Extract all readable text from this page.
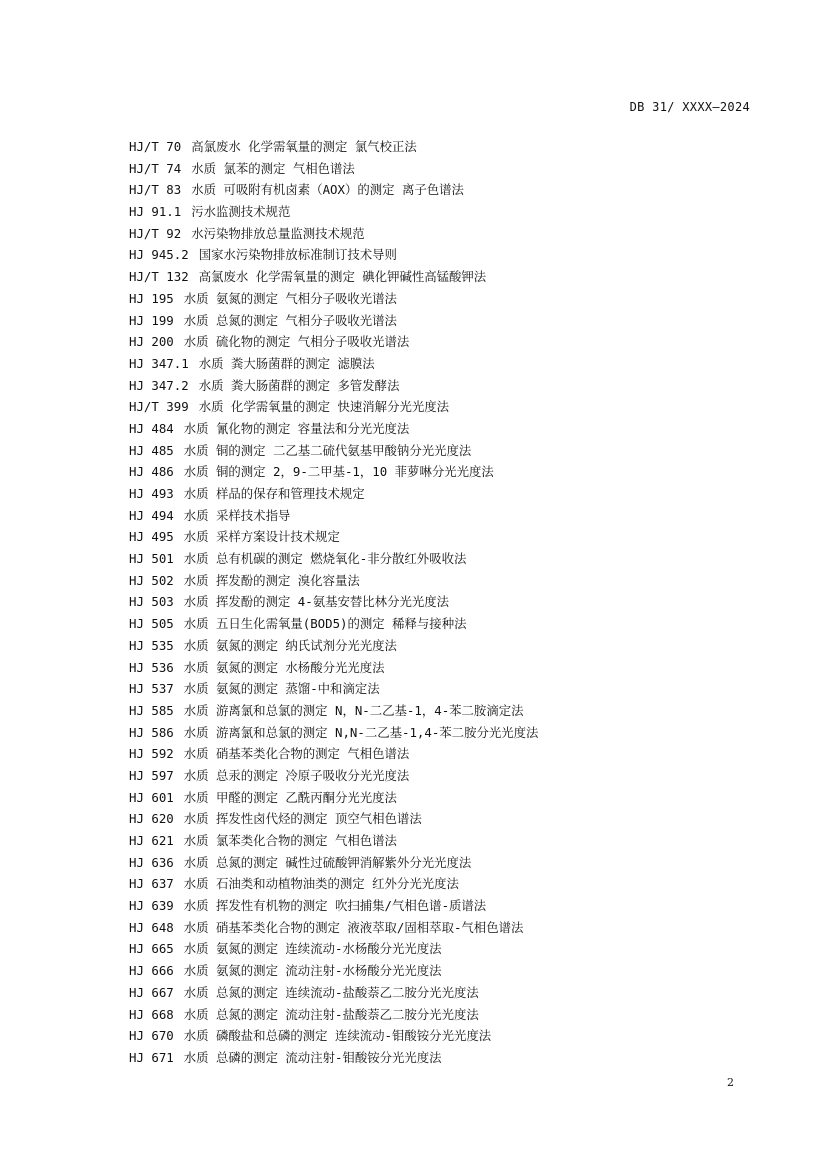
DB 31/ XXXX—2024
HJ/T 70 高氯废水 化学需氧量的测定 氯气校正法
HJ/T 74 水质 氯苯的测定 气相色谱法
HJ/T 83 水质 可吸附有机卤素（AOX）的测定 离子色谱法
HJ 91.1 污水监测技术规范
HJ/T 92 水污染物排放总量监测技术规范
HJ 945.2 国家水污染物排放标准制订技术导则
HJ/T 132 高氯废水 化学需氧量的测定 碘化钾碱性高锰酸钾法
HJ 195 水质 氨氮的测定 气相分子吸收光谱法
HJ 199 水质 总氮的测定 气相分子吸收光谱法
HJ 200 水质 硫化物的测定 气相分子吸收光谱法
HJ 347.1 水质 粪大肠菌群的测定 滤膜法
HJ 347.2 水质 粪大肠菌群的测定 多管发酵法
HJ/T 399 水质 化学需氧量的测定 快速消解分光光度法
HJ 484 水质 氰化物的测定 容量法和分光光度法
HJ 485 水质 铜的测定 二乙基二硫代氨基甲酸钠分光光度法
HJ 486 水质 铜的测定 2，9-二甲基-1，10 菲萝啉分光光度法
HJ 493 水质 样品的保存和管理技术规定
HJ 494 水质 采样技术指导
HJ 495 水质 采样方案设计技术规定
HJ 501 水质 总有机碳的测定 燃烧氧化-非分散红外吸收法
HJ 502 水质 挥发酚的测定 溴化容量法
HJ 503 水质 挥发酚的测定 4-氨基安替比林分光光度法
HJ 505 水质 五日生化需氧量(BOD5)的测定 稀释与接种法
HJ 535 水质 氨氮的测定 纳氏试剂分光光度法
HJ 536 水质 氨氮的测定 水杨酸分光光度法
HJ 537 水质 氨氮的测定 蒸馏-中和滴定法
HJ 585 水质 游离氯和总氯的测定 N，N-二乙基-1，4-苯二胺滴定法
HJ 586 水质 游离氯和总氯的测定 N,N-二乙基-1,4-苯二胺分光光度法
HJ 592 水质 硝基苯类化合物的测定 气相色谱法
HJ 597 水质 总汞的测定 冷原子吸收分光光度法
HJ 601 水质 甲醛的测定 乙酰丙酮分光光度法
HJ 620 水质 挥发性卤代烃的测定 顶空气相色谱法
HJ 621 水质 氯苯类化合物的测定 气相色谱法
HJ 636 水质 总氮的测定 碱性过硫酸钾消解紫外分光光度法
HJ 637 水质 石油类和动植物油类的测定 红外分光光度法
HJ 639 水质 挥发性有机物的测定 吹扫捕集/气相色谱-质谱法
HJ 648 水质 硝基苯类化合物的测定 液液萃取/固相萃取-气相色谱法
HJ 665 水质 氨氮的测定 连续流动-水杨酸分光光度法
HJ 666 水质 氨氮的测定 流动注射-水杨酸分光光度法
HJ 667 水质 总氮的测定 连续流动-盐酸萘乙二胺分光光度法
HJ 668 水质 总氮的测定 流动注射-盐酸萘乙二胺分光光度法
HJ 670 水质 磷酸盐和总磷的测定 连续流动-钼酸铵分光光度法
HJ 671 水质 总磷的测定 流动注射-钼酸铵分光光度法
2
